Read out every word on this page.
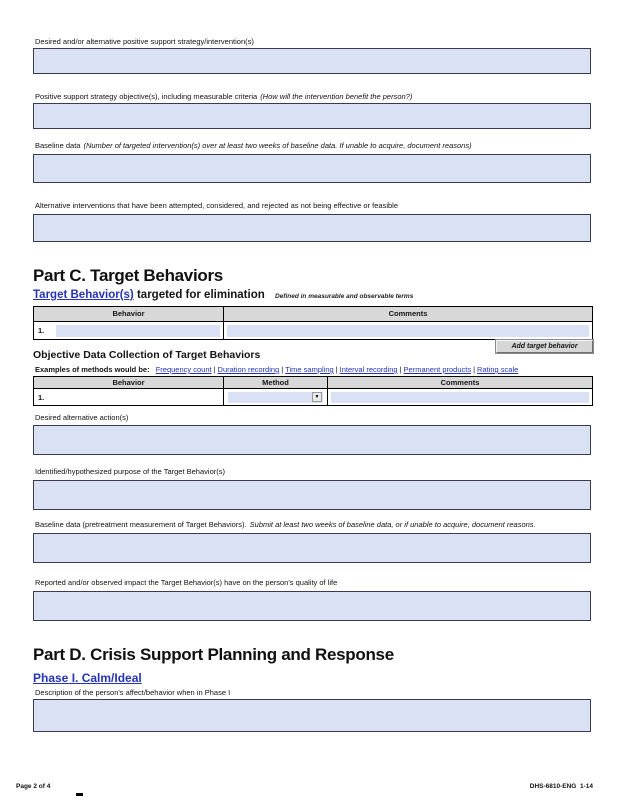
Desired and/or alternative positive support strategy/intervention(s)
Positive support strategy objective(s), including measurable criteria (How will the intervention benefit the person?)
Baseline data (Number of targeted intervention(s) over at least two weeks of baseline data. If unable to acquire, document reasons)
Alternative interventions that have been attempted, considered, and rejected as not being effective or feasible
Part C. Target Behaviors
Target Behavior(s) targeted for elimination Defined in measurable and observable terms
Behavior	Comments
1.
Add target behavior
Objective Data Collection of Target Behaviors
Examples of methods would be: Frequency count | Duration recording | Time sampling | Interval recording | Permanent products | Rating scale
Behavior	Method	Comments
1.	▼
Desired alternative action(s)
Identified/hypothesized purpose of the Target Behavior(s)
Baseline data (pretreatment measurement of Target Behaviors). Submit at least two weeks of baseline data, or if unable to acquire, document reasons.
Reported and/or observed impact the Target Behavior(s) have on the person's quality of life
Part D. Crisis Support Planning and Response
Phase I. Calm/Ideal
Description of the person's affect/behavior when in Phase I
Page 2 of 4	DHS-6810-ENG  1-14
